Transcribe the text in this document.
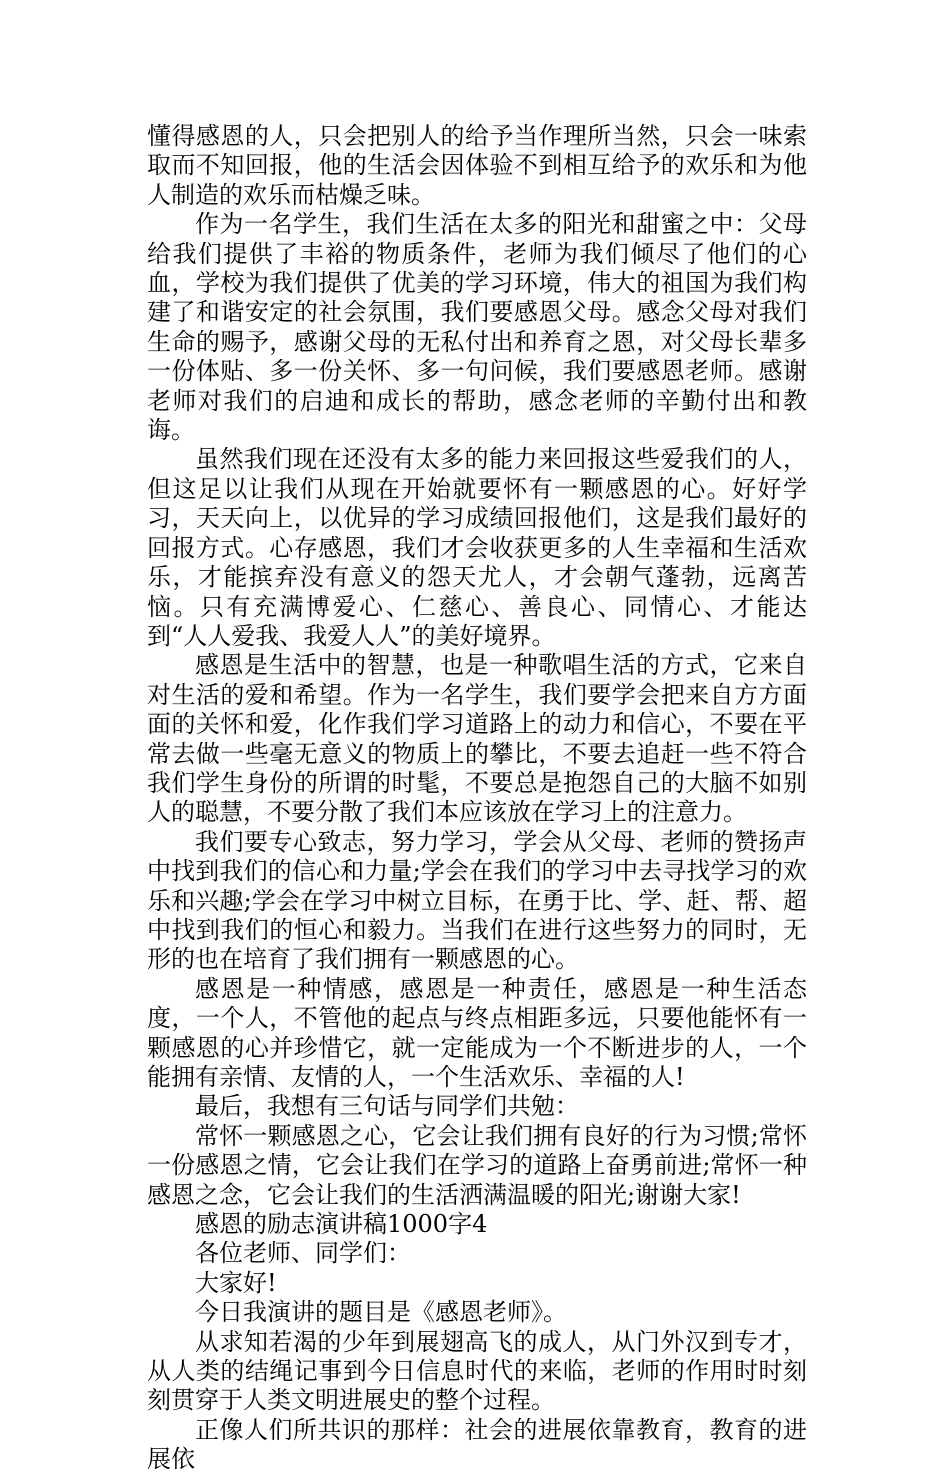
懂得感恩的人，只会把别人的给予当作理所当然，只会一味索取而不知回报，他的生活会因体验不到相互给予的欢乐和为他人制造的欢乐而枯燥乏味。

作为一名学生，我们生活在太多的阳光和甜蜜之中：父母给我们提供了丰裕的物质条件，老师为我们倾尽了他们的心血，学校为我们提供了优美的学习环境，伟大的祖国为我们构建了和谐安定的社会氛围，我们要感恩父母。感念父母对我们生命的赐予，感谢父母的无私付出和养育之恩，对父母长辈多一份体贴、多一份关怀、多一句问候，我们要感恩老师。感谢老师对我们的启迪和成长的帮助，感念老师的辛勤付出和教诲。

虽然我们现在还没有太多的能力来回报这些爱我们的人，但这足以让我们从现在开始就要怀有一颗感恩的心。好好学习，天天向上，以优异的学习成绩回报他们，这是我们最好的回报方式。心存感恩，我们才会收获更多的人生幸福和生活欢乐，才能摈弃没有意义的怨天尤人，才会朝气蓬勃，远离苦恼。只有充满博爱心、仁慈心、善良心、同情心、才能达到“人人爱我、我爱人人”的美好境界。

感恩是生活中的智慧，也是一种歌唱生活的方式，它来自对生活的爱和希望。作为一名学生，我们要学会把来自方方面面的关怀和爱，化作我们学习道路上的动力和信心，不要在平常去做一些毫无意义的物质上的攀比，不要去追赶一些不符合我们学生身份的所谓的时髦，不要总是抱怨自己的大脑不如别人的聪慧，不要分散了我们本应该放在学习上的注意力。

我们要专心致志，努力学习，学会从父母、老师的赞扬声中找到我们的信心和力量;学会在我们的学习中去寻找学习的欢乐和兴趣;学会在学习中树立目标，在勇于比、学、赶、帮、超中找到我们的恒心和毅力。当我们在进行这些努力的同时，无形的也在培育了我们拥有一颗感恩的心。

感恩是一种情感，感恩是一种责任，感恩是一种生活态度，一个人，不管他的起点与终点相距多远，只要他能怀有一颗感恩的心并珍惜它，就一定能成为一个不断进步的人，一个能拥有亲情、友情的人，一个生活欢乐、幸福的人!

最后，我想有三句话与同学们共勉：

常怀一颗感恩之心，它会让我们拥有良好的行为习惯;常怀一份感恩之情，它会让我们在学习的道路上奋勇前进;常怀一种感恩之念，它会让我们的生活洒满温暖的阳光;谢谢大家!

感恩的励志演讲稿1000字4

各位老师、同学们：

大家好!

今日我演讲的题目是《感恩老师》。

从求知若渴的少年到展翅高飞的成人，从门外汉到专才，从人类的结绳记事到今日信息时代的来临，老师的作用时时刻刻贯穿于人类文明进展史的整个过程。

正像人们所共识的那样：社会的进展依靠教育，教育的进展依
